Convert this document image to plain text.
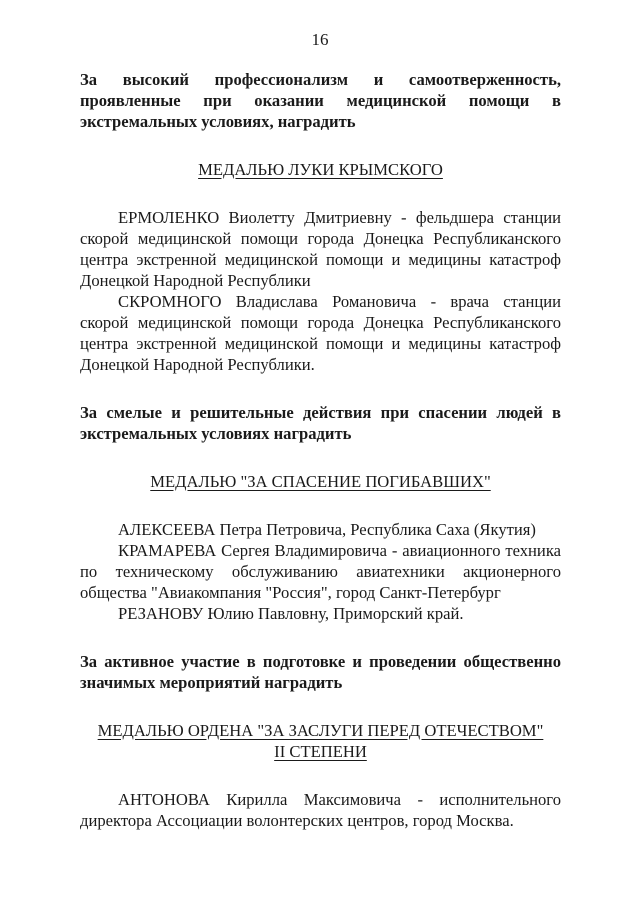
16

За высокий профессионализм и самоотверженность, проявленные при оказании медицинской помощи в экстремальных условиях, наградить

МЕДАЛЬЮ ЛУКИ КРЫМСКОГО

ЕРМОЛЕНКО Виолетту Дмитриевну - фельдшера станции скорой медицинской помощи города Донецка Республиканского центра экстренной медицинской помощи и медицины катастроф Донецкой Народной Республики

СКРОМНОГО Владислава Романовича - врача станции скорой медицинской помощи города Донецка Республиканского центра экстренной медицинской помощи и медицины катастроф Донецкой Народной Республики.

За смелые и решительные действия при спасении людей в экстремальных условиях наградить

МЕДАЛЬЮ "ЗА СПАСЕНИЕ ПОГИБАВШИХ"

АЛЕКСЕЕВА Петра Петровича, Республика Саха (Якутия)

КРАМАРЕВА Сергея Владимировича - авиационного техника по техническому обслуживанию авиатехники акционерного общества "Авиакомпания "Россия", город Санкт-Петербург

РЕЗАНОВУ Юлию Павловну, Приморский край.

За активное участие в подготовке и проведении общественно значимых мероприятий наградить

МЕДАЛЬЮ ОРДЕНА "ЗА ЗАСЛУГИ ПЕРЕД ОТЕЧЕСТВОМ"
II СТЕПЕНИ

АНТОНОВА Кирилла Максимовича - исполнительного директора Ассоциации волонтерских центров, город Москва.
